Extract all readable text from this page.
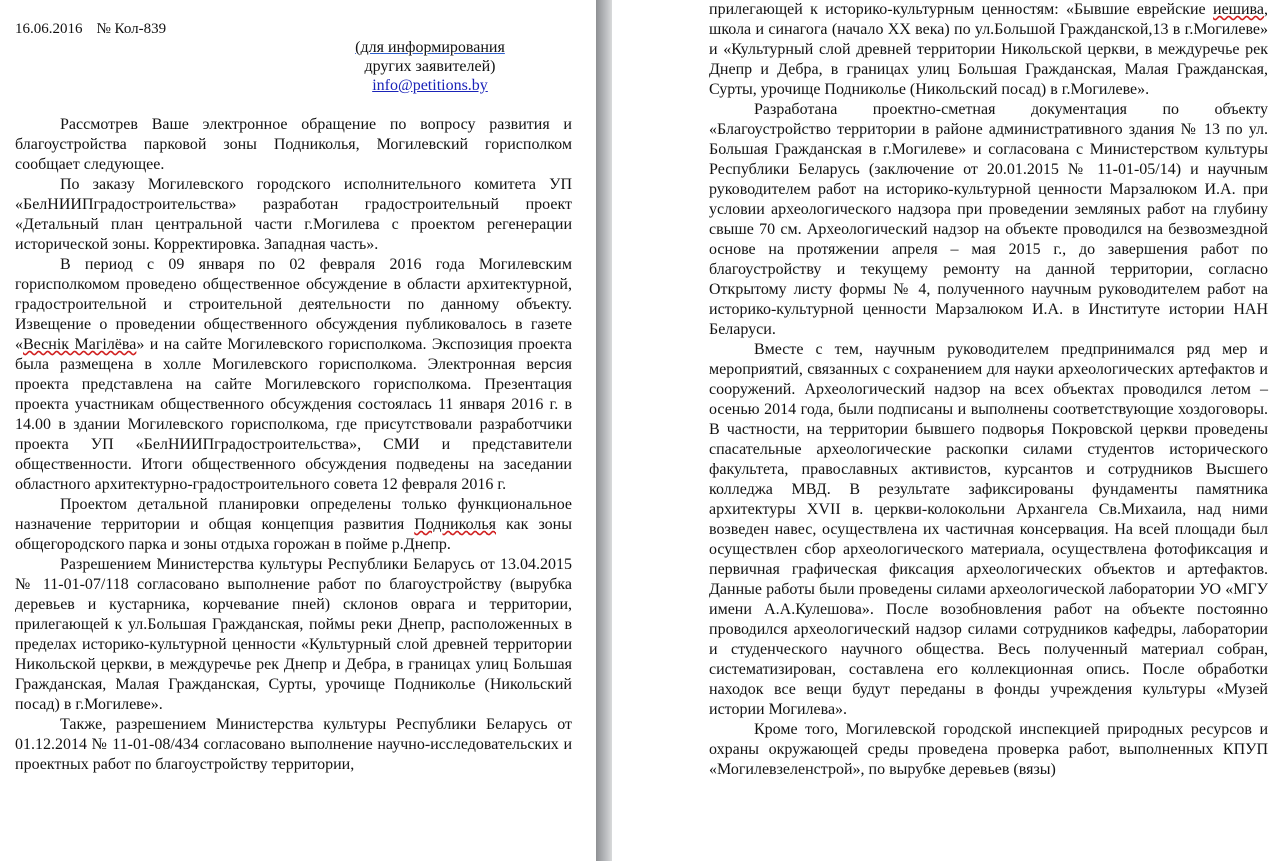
16.06.2016 № Кол-839
(для информирования
других заявителей)
info@petitions.by

Рассмотрев Ваше электронное обращение по вопросу развития и благоустройства парковой зоны Подниколья, Могилевский горисполком сообщает следующее.

По заказу Могилевского городского исполнительного комитета УП «БелНИИПградостроительства» разработан градостроительный проект «Детальный план центральной части г.Могилева с проектом регенерации исторической зоны. Корректировка. Западная часть».

В период с 09 января по 02 февраля 2016 года Могилевским горисполкомом проведено общественное обсуждение в области архитектурной, градостроительной и строительной деятельности по данному объекту. Извещение о проведении общественного обсуждения публиковалось в газете «Веснік Магілёва» и на сайте Могилевского горисполкома. Экспозиция проекта была размещена в холле Могилевского горисполкома. Электронная версия проекта представлена на сайте Могилевского горисполкома. Презентация проекта участникам общественного обсуждения состоялась 11 января 2016 г. в 14.00 в здании Могилевского горисполкома, где присутствовали разработчики проекта УП «БелНИИПградостроительства», СМИ и представители общественности. Итоги общественного обсуждения подведены на заседании областного архитектурно-градостроительного совета 12 февраля 2016 г.

Проектом детальной планировки определены только функциональное назначение территории и общая концепция развития Подниколья как зоны общегородского парка и зоны отдыха горожан в пойме р.Днепр.

Разрешением Министерства культуры Республики Беларусь от 13.04.2015 № 11-01-07/118 согласовано выполнение работ по благоустройству (вырубка деревьев и кустарника, корчевание пней) склонов оврага и территории, прилегающей к ул.Большая Гражданская, поймы реки Днепр, расположенных в пределах историко-культурной ценности «Культурный слой древней территории Никольской церкви, в междуречье рек Днепр и Дебра, в границах улиц Большая Гражданская, Малая Гражданская, Сурты, урочище Подниколье (Никольский посад) в г.Могилеве».

Также, разрешением Министерства культуры Республики Беларусь от 01.12.2014 № 11-01-08/434 согласовано выполнение научно-исследовательских и проектных работ по благоустройству территории,

прилегающей к историко-культурным ценностям: «Бывшие еврейские иешива, школа и синагога (начало XX века) по ул.Большой Гражданской,13 в г.Могилеве» и «Культурный слой древней территории Никольской церкви, в междуречье рек Днепр и Дебра, в границах улиц Большая Гражданская, Малая Гражданская, Сурты, урочище Подниколье (Никольский посад) в г.Могилеве».

Разработана проектно-сметная документация по объекту «Благоустройство территории в районе административного здания № 13 по ул. Большая Гражданская в г.Могилеве» и согласована с Министерством культуры Республики Беларусь (заключение от 20.01.2015 № 11-01-05/14) и научным руководителем работ на историко-культурной ценности Марзалюком И.А. при условии археологического надзора при проведении земляных работ на глубину свыше 70 см. Археологический надзор на объекте проводился на безвозмездной основе на протяжении апреля – мая 2015 г., до завершения работ по благоустройству и текущему ремонту на данной территории, согласно Открытому листу формы № 4, полученного научным руководителем работ на историко-культурной ценности Марзалюком И.А. в Институте истории НАН Беларуси.

Вместе с тем, научным руководителем предпринимался ряд мер и мероприятий, связанных с сохранением для науки археологических артефактов и сооружений. Археологический надзор на всех объектах проводился летом – осенью 2014 года, были подписаны и выполнены соответствующие хоздоговоры. В частности, на территории бывшего подворья Покровской церкви проведены спасательные археологические раскопки силами студентов исторического факультета, православных активистов, курсантов и сотрудников Высшего колледжа МВД. В результате зафиксированы фундаменты памятника архитектуры XVII в. церкви-колокольни Архангела Св.Михаила, над ними возведен навес, осуществлена их частичная консервация. На всей площади был осуществлен сбор археологического материала, осуществлена фотофиксация и первичная графическая фиксация археологических объектов и артефактов. Данные работы были проведены силами археологической лаборатории УО «МГУ имени А.А.Кулешова». После возобновления работ на объекте постоянно проводился археологический надзор силами сотрудников кафедры, лаборатории и студенческого научного общества. Весь полученный материал собран, систематизирован, составлена его коллекционная опись. После обработки находок все вещи будут переданы в фонды учреждения культуры «Музей истории Могилева».

Кроме того, Могилевской городской инспекцией природных ресурсов и охраны окружающей среды проведена проверка работ, выполненных КПУП «Могилевзеленстрой», по вырубке деревьев (вязы)
